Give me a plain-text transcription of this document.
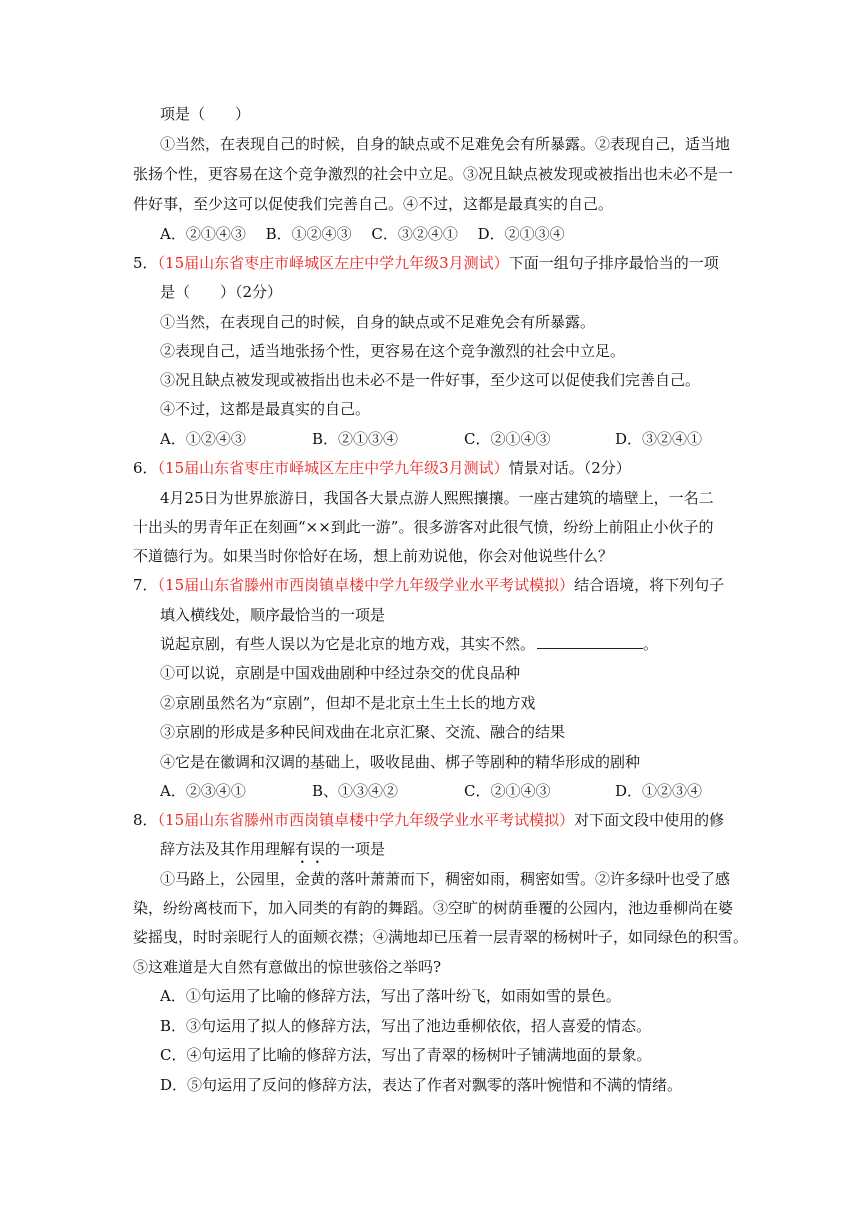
项是（　　）
①当然，在表现自己的时候，自身的缺点或不足难免会有所暴露。②表现自己，适当地
张扬个性，更容易在这个竞争激烈的社会中立足。③况且缺点被发现或被指出也未必不是一
件好事，至少这可以促使我们完善自己。④不过，这都是最真实的自己。
A．②①④③　 B．①②④③　 C．③②④①　 D．②①③④
5．（15届山东省枣庄市峄城区左庄中学九年级3月测试）下面一组句子排序最恰当的一项
是（　　）（2分）
①当然，在表现自己的时候，自身的缺点或不足难免会有所暴露。
②表现自己，适当地张扬个性，更容易在这个竞争激烈的社会中立足。
③况且缺点被发现或被指出也未必不是一件好事，至少这可以促使我们完善自己。
④不过，这都是最真实的自己。
A．①②④③	B．②①③④	C．②①④③	D．③②④①
6．（15届山东省枣庄市峄城区左庄中学九年级3月测试）情景对话。（2分）
4月25日为世界旅游日，我国各大景点游人熙熙攘攘。一座古建筑的墙壁上，一名二
十出头的男青年正在刻画“××到此一游”。很多游客对此很气愤，纷纷上前阻止小伙子的
不道德行为。如果当时你恰好在场，想上前劝说他，你会对他说些什么？
7．（15届山东省滕州市西岗镇卓楼中学九年级学业水平考试模拟）结合语境，将下列句子
填入横线处，顺序最恰当的一项是
说起京剧，有些人误以为它是北京的地方戏，其实不然。	。
①可以说，京剧是中国戏曲剧种中经过杂交的优良品种
②京剧虽然名为“京剧”，但却不是北京土生土长的地方戏
③京剧的形成是多种民间戏曲在北京汇聚、交流、融合的结果
④它是在徽调和汉调的基础上，吸收昆曲、梆子等剧种的精华形成的剧种
A．②③④①	B、①③④②	C．②①④③	D．①②③④
8．（15届山东省滕州市西岗镇卓楼中学九年级学业水平考试模拟）对下面文段中使用的修
辞方法及其作用理解有误的一项是
①马路上，公园里，金黄的落叶萧萧而下，稠密如雨，稠密如雪。②许多绿叶也受了感
染，纷纷离枝而下，加入同类的有韵的舞蹈。③空旷的树荫垂覆的公园内，池边垂柳尚在婆
娑摇曳，时时亲昵行人的面颊衣襟；④满地却已压着一层青翠的杨树叶子，如同绿色的积雪。
⑤这难道是大自然有意做出的惊世骇俗之举吗?
A．①句运用了比喻的修辞方法，写出了落叶纷飞，如雨如雪的景色。
B．③句运用了拟人的修辞方法，写出了池边垂柳依依，招人喜爱的情态。
C．④句运用了比喻的修辞方法，写出了青翠的杨树叶子铺满地面的景象。
D．⑤句运用了反问的修辞方法，表达了作者对飘零的落叶惋惜和不满的情绪。
